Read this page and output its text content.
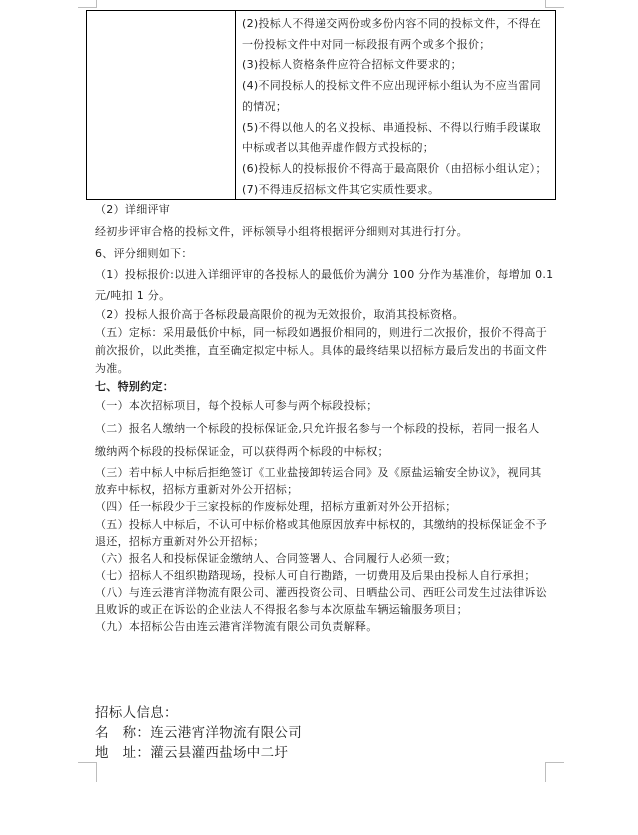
(2)投标人不得递交两份或多份内容不同的投标文件，不得在一份投标文件中对同一标段报有两个或多个报价；

(3)投标人资格条件应符合招标文件要求的；

(4)不同投标人的投标文件不应出现评标小组认为不应当雷同的情况；

(5)不得以他人的名义投标、串通投标、不得以行贿手段谋取中标或者以其他弄虚作假方式投标的；

(6)投标人的投标报价不得高于最高限价（由招标小组认定）；

(7)不得违反招标文件其它实质性要求。

（2）详细评审
经初步评审合格的投标文件，评标领导小组将根据评分细则对其进行打分。
6、评分细则如下：
（1）投标报价:以进入详细评审的各投标人的最低价为满分 100 分作为基准价，每增加 0.1
元/吨扣 1 分。
（2）投标人报价高于各标段最高限价的视为无效报价，取消其投标资格。
（五）定标：采用最低价中标，同一标段如遇报价相同的，则进行二次报价，报价不得高于
前次报价，以此类推，直至确定拟定中标人。具体的最终结果以招标方最后发出的书面文件
为准。
七、特别约定：
（一）本次招标项目，每个投标人可参与两个标段投标；
（二）报名人缴纳一个标段的投标保证金,只允许报名参与一个标段的投标，若同一报名人
缴纳两个标段的投标保证金，可以获得两个标段的中标权；
（三）若中标人中标后拒绝签订《工业盐接卸转运合同》及《原盐运输安全协议》，视同其
放弃中标权，招标方重新对外公开招标；
（四）任一标段少于三家投标的作废标处理，招标方重新对外公开招标；
（五）投标人中标后，不认可中标价格或其他原因放弃中标权的，其缴纳的投标保证金不予
退还，招标方重新对外公开招标；
（六）报名人和投标保证金缴纳人、合同签署人、合同履行人必须一致；
（七）招标人不组织勘踏现场，投标人可自行勘踏，一切费用及后果由投标人自行承担；
（八）与连云港宵洋物流有限公司、灌西投资公司、日晒盐公司、西旺公司发生过法律诉讼
且败诉的或正在诉讼的企业法人不得报名参与本次原盐车辆运输服务项目；
（九）本招标公告由连云港宵洋物流有限公司负责解释。
招标人信息：
名　称：连云港宵洋物流有限公司
地　址：灌云县灌西盐场中二圩
